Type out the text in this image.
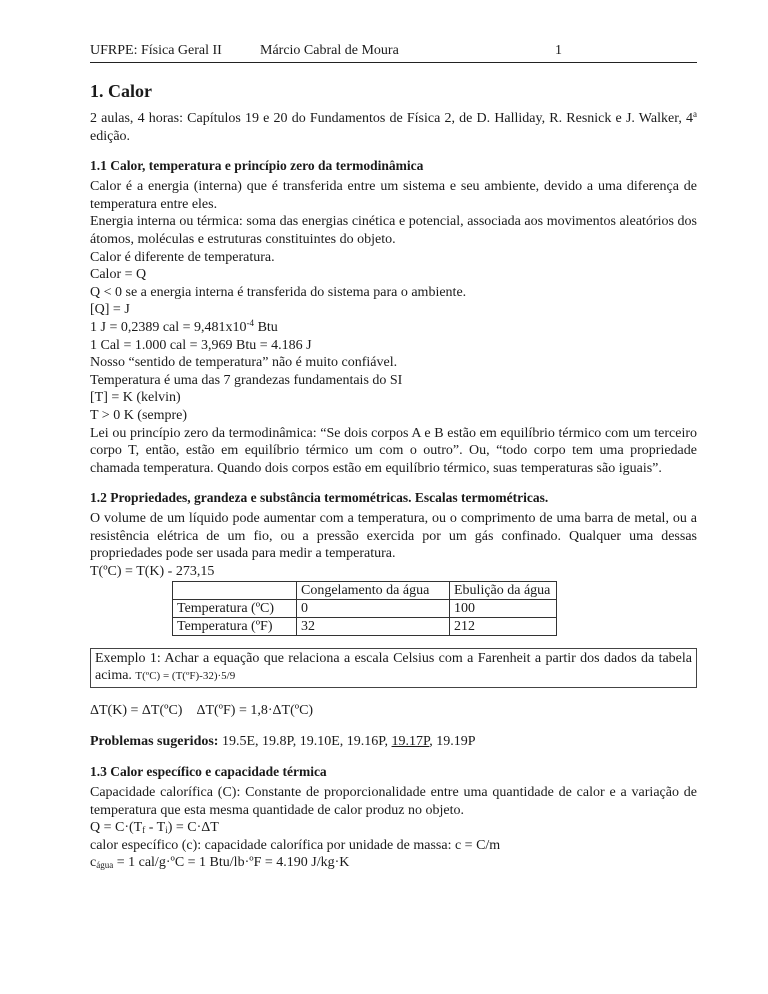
UFRPE: Física Geral II	Márcio Cabral de Moura	1
1. Calor

2 aulas, 4 horas: Capítulos 19 e 20 do Fundamentos de Física 2, de D. Halliday, R. Resnick e J. Walker, 4$^a$ edição.

1.1 Calor, temperatura e princípio zero da termodinâmica

Calor é a energia (interna) que é transferida entre um sistema e seu ambiente, devido a uma diferença de temperatura entre eles.

Energia interna ou térmica: soma das energias cinética e potencial, associada aos movimentos aleatórios dos átomos, moléculas e estruturas constituintes do objeto.

Calor é diferente de temperatura.
Calor = Q
Q < 0 se a energia interna é transferida do sistema para o ambiente.
[Q] = J
1 J = 0,2389 cal = $9,481x10^{-4}$ Btu
1 Cal = 1.000 cal = 3,969 Btu = 4.186 J
Nosso “sentido de temperatura” não é muito confiável.
Temperatura é uma das 7 grandezas fundamentais do SI
[T] = K (kelvin)
T > 0 K (sempre)

Lei ou princípio zero da termodinâmica: “Se dois corpos A e B estão em equilíbrio térmico com um terceiro corpo T, então, estão em equilíbrio térmico um com o outro”. Ou, “todo corpo tem uma propriedade chamada temperatura. Quando dois corpos estão em equilíbrio térmico, suas temperaturas são iguais”.

1.2 Propriedades, grandeza e substância termométricas. Escalas termométricas.

O volume de um líquido pode aumentar com a temperatura, ou o comprimento de uma barra de metal, ou a resistência elétrica de um fio, ou a pressão exercida por um gás confinado. Qualquer uma dessas propriedades pode ser usada para medir a temperatura.

T(ºC) = T(K) - 273,15
	Congelamento da água	Ebulição da água
Temperatura (ºC)	0	100
Temperatura (ºF)	32	212

Exemplo 1: Achar a equação que relaciona a escala Celsius com a Farenheit a partir dos dados da tabela acima. T(ºC) = (T(ºF)-32)·5/9

ΔT(K) = ΔT(ºC) ΔT(ºF) = 1,8·ΔT(ºC)
Problemas sugeridos: 19.5E, 19.8P, 19.10E, 19.16P, 19.17P, 19.19P
1.3 Calor específico e capacidade térmica

Capacidade calorífica (C): Constante de proporcionalidade entre uma quantidade de calor e a variação de temperatura que esta mesma quantidade de calor produz no objeto.

$Q = C\cdot(T_f - T_i) = C\cdot\Delta T$
calor específico (c): capacidade calorífica por unidade de massa: c = C/m
$c_{água} = 1$ cal/g·ºC = 1 Btu/lb·ºF = 4.190 J/kg·K
